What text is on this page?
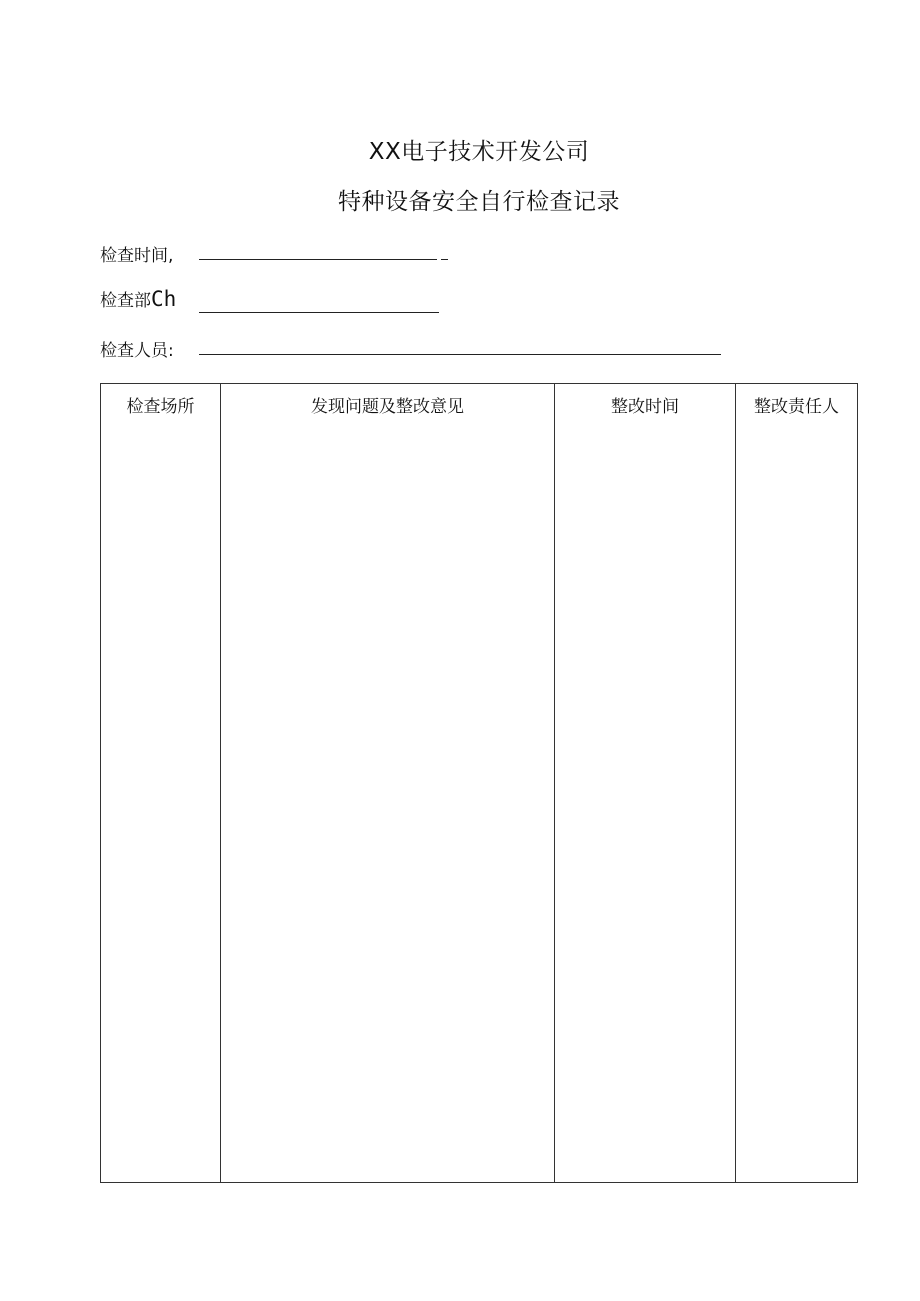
XX电子技术开发公司
特种设备安全自行检查记录
检查时间,
检查部Ch
检查人员:
检查场所	发现问题及整改意见	整改时间	整改责任人
